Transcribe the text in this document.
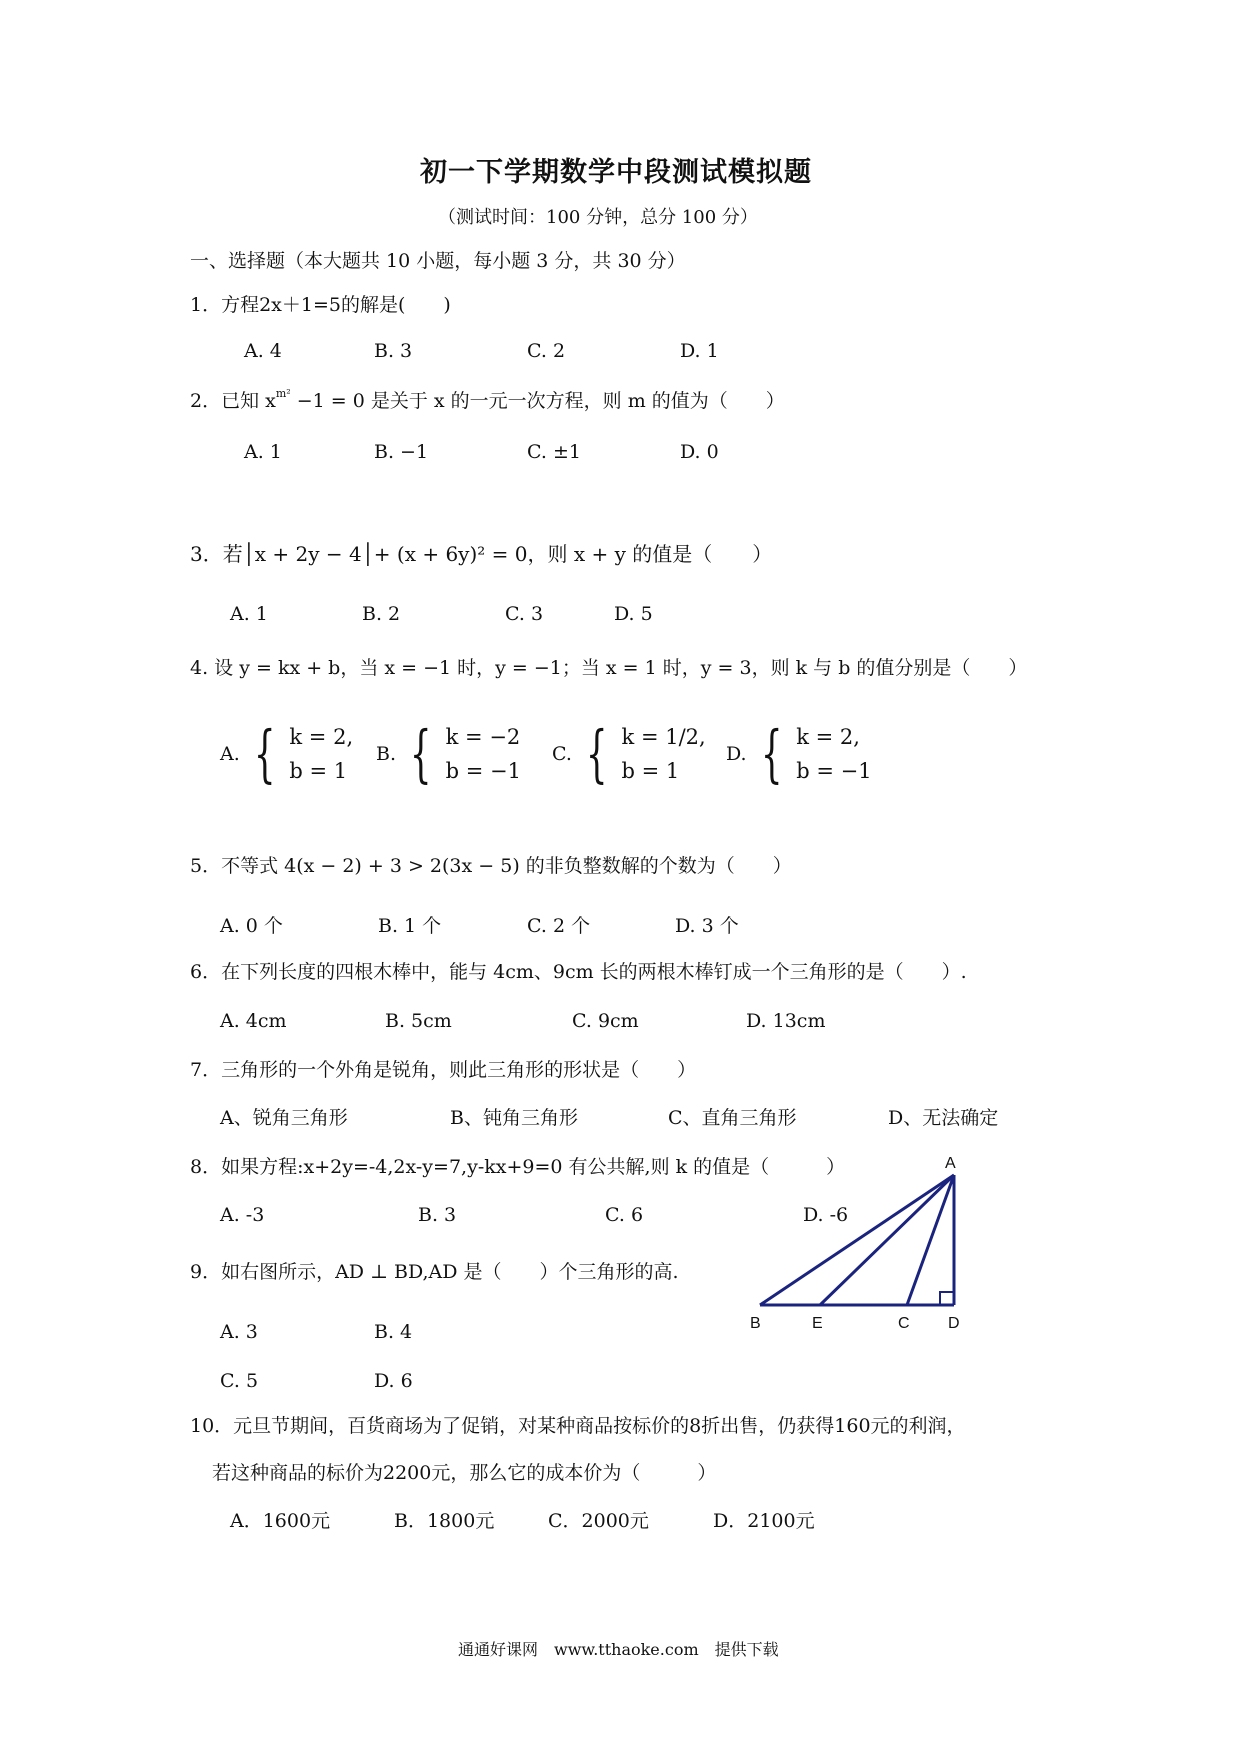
初一下学期数学中段测试模拟题
（测试时间：100 分钟，总分 100 分）
一、选择题（本大题共 10 小题，每小题 3 分，共 30 分）
1．方程2x＋1=5的解是(　　)
A. 4	B. 3	C. 2	D. 1
2．已知 $x^{m^2} -1 = 0$ 是关于 x 的一元一次方程，则 m 的值为（　　）
A. 1	B. −1	C. ±1	D. 0
3．若│x + 2y − 4│+ (x + 6y)² = 0，则 x + y 的值是（　　）
A. 1	B. 2	C. 3	D. 5
4. 设 y = kx + b，当 x = −1 时，y = −1；当 x = 1 时，y = 3，则 k 与 b 的值分别是（　　）
A. { k = 2,
b = 1
B. { k = −2
b = −1
C. { k = 1/2,
b = 1
D. { k = 2,
b = −1
5．不等式 4(x − 2) + 3 > 2(3x − 5) 的非负整数解的个数为（　　）
A. 0 个	B. 1 个	C. 2 个	D. 3 个
6．在下列长度的四根木棒中，能与 4cm、9cm 长的两根木棒钉成一个三角形的是（　　）.
A. 4cm	B. 5cm	C. 9cm	D. 13cm
7．三角形的一个外角是锐角，则此三角形的形状是（　　）
A、锐角三角形	B、钝角三角形	C、直角三角形	D、无法确定
8．如果方程:x+2y=-4,2x-y=7,y-kx+9=0 有公共解,则 k 的值是（　　　）
A. -3	B. 3	C. 6	D. -6
9．如右图所示，AD ⊥ BD,AD 是（　　）个三角形的高.
A. 3	B. 4
C. 5	D. 6
A
B	E	C D
10．元旦节期间，百货商场为了促销，对某种商品按标价的8折出售，仍获得160元的利润，
若这种商品的标价为2200元，那么它的成本价为（　　　）
A．1600元	B．1800元	C．2000元	D．2100元
通通好课网　www.tthaoke.com　提供下载
